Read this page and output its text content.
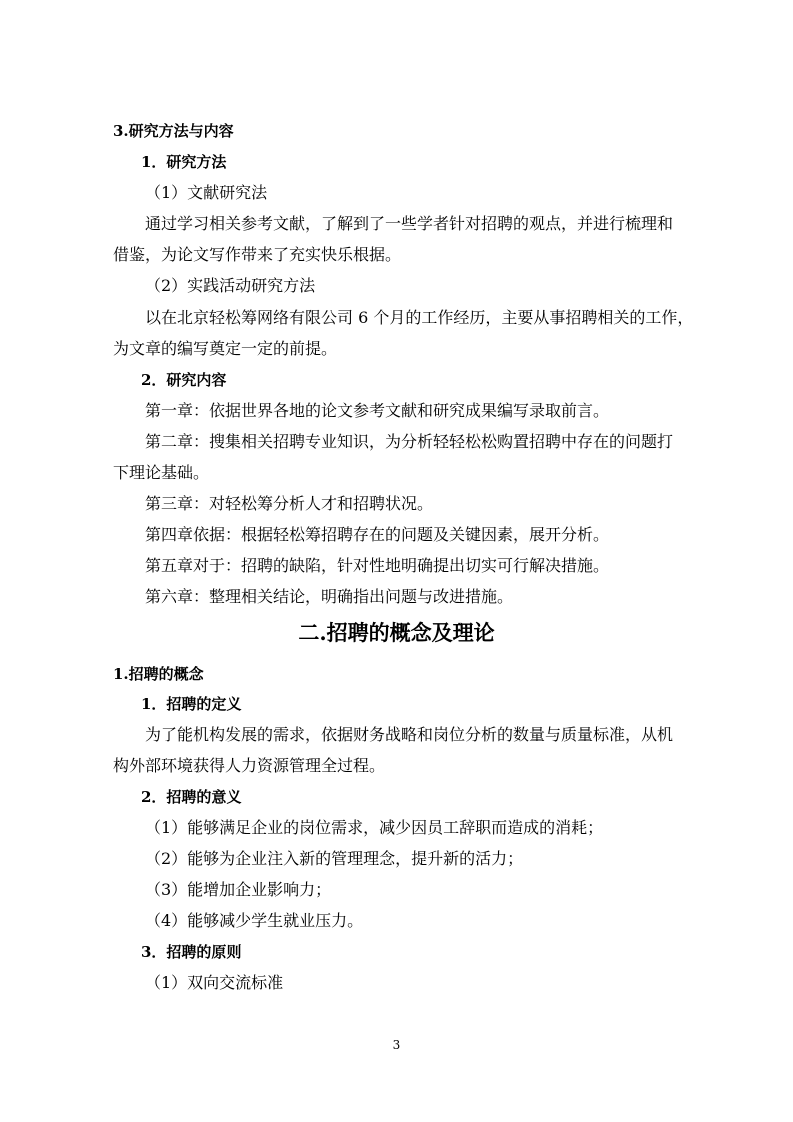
3.研究方法与内容

1．研究方法

（1）文献研究法

通过学习相关参考文献，了解到了一些学者针对招聘的观点，并进行梳理和

借鉴，为论文写作带来了充实快乐根据。

（2）实践活动研究方法

以在北京轻松筹网络有限公司 6 个月的工作经历，主要从事招聘相关的工作，

为文章的编写奠定一定的前提。

2．研究内容

第一章：依据世界各地的论文参考文献和研究成果编写录取前言。

第二章：搜集相关招聘专业知识，为分析轻轻松松购置招聘中存在的问题打

下理论基础。

第三章：对轻松筹分析人才和招聘状况。

第四章依据：根据轻松筹招聘存在的问题及关键因素，展开分析。

第五章对于：招聘的缺陷，针对性地明确提出切实可行解决措施。

第六章：整理相关结论，明确指出问题与改进措施。

二.招聘的概念及理论

1.招聘的概念

1．招聘的定义

为了能机构发展的需求，依据财务战略和岗位分析的数量与质量标准，从机

构外部环境获得人力资源管理全过程。

2．招聘的意义

（1）能够满足企业的岗位需求，减少因员工辞职而造成的消耗；

（2）能够为企业注入新的管理理念，提升新的活力；

（3）能增加企业影响力；

（4）能够减少学生就业压力。

3．招聘的原则

（1）双向交流标准

3
